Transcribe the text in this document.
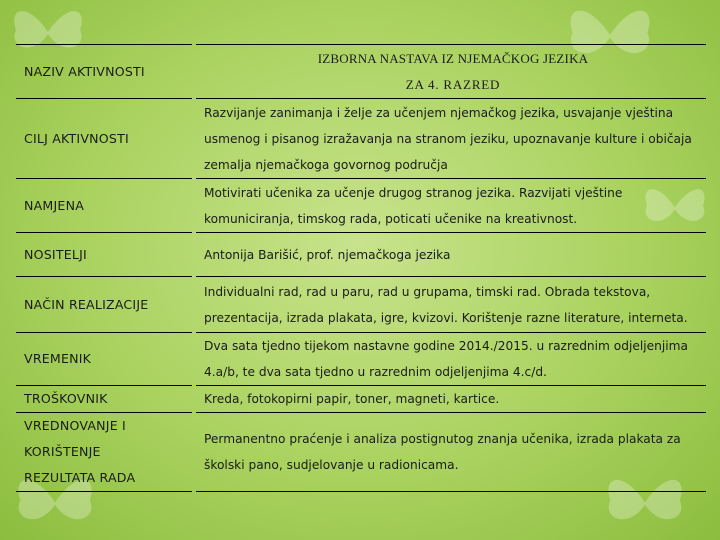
NAZIV AKTIVNOSTI		IZBORNA NASTAVA IZ NJEMAČKOG JEZIKA
ZA 4. RAZRED

CILJ AKTIVNOSTI		Razvijanje zanimanja i želje za učenjem njemačkog jezika, usvajanje vještina
usmenog i pisanog izražavanja na stranom jeziku, upoznavanje kulture i običaja
zemalja njemačkoga govornog područja

NAMJENA		Motivirati učenika za učenje drugog stranog jezika. Razvijati vještine
komuniciranja, timskog rada, poticati učenike na kreativnost.

NOSITELJI		Antonija Barišić, prof. njemačkoga jezika

NAČIN REALIZACIJE		Individualni rad, rad u paru, rad u grupama, timski rad. Obrada tekstova,
prezentacija, izrada plakata, igre, kvizovi. Korištenje razne literature, interneta.

VREMENIK		Dva sata tjedno tijekom nastavne godine 2014./2015. u razrednim odjeljenjima
4.a/b, te dva sata tjedno u razrednim odjeljenjima 4.c/d.

TROŠKOVNIK		Kreda, fotokopirni papir, toner, magneti, kartice.

VREDNOVANJE I
KORIŠTENJE
REZULTATA RADA		Permanentno praćenje i analiza postignutog znanja učenika, izrada plakata za
školski pano, sudjelovanje u radionicama.
